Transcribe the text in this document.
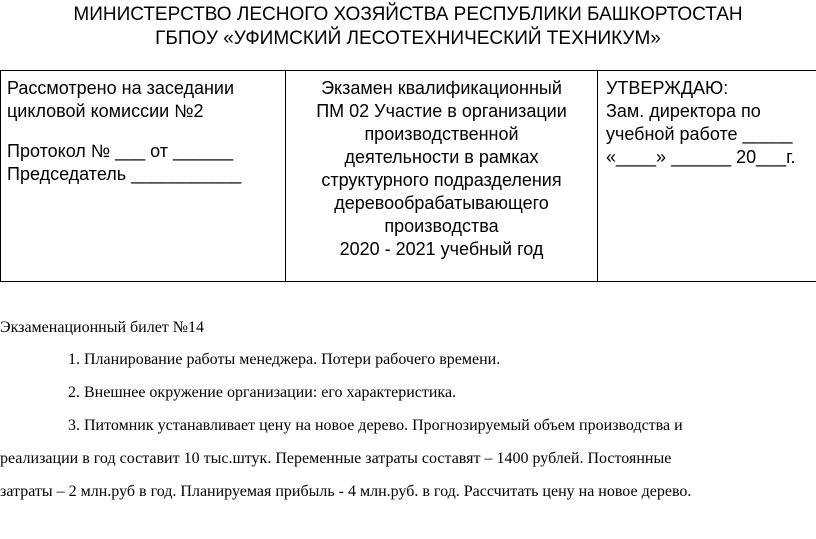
МИНИСТЕРСТВО ЛЕСНОГО ХОЗЯЙСТВА РЕСПУБЛИКИ БАШКОРТОСТАН
ГБПОУ «УФИМСКИЙ ЛЕСОТЕХНИЧЕСКИЙ ТЕХНИКУМ»
Рассмотрено на заседании
цикловой комиссии №2
Протокол № ___ от ______
Председатель ___________
Экзамен квалификационный
ПМ 02 Участие в организации
производственной
деятельности в рамках
структурного подразделения
деревообрабатывающего
производства
2020 - 2021 учебный год
УТВЕРЖДАЮ:
Зам. директора по
учебной работе _____
«____» ______ 20___г.
Экзаменационный билет №14
1. Планирование работы менеджера. Потери рабочего времени.
2. Внешнее окружение организации: его характеристика.
3. Питомник устанавливает цену на новое дерево. Прогнозируемый объем производства и
реализации в год составит 10 тыс.штук. Переменные затраты составят – 1400 рублей. Постоянные
затраты – 2 млн.руб в год. Планируемая прибыль - 4 млн.руб. в год. Рассчитать цену на новое дерево.
